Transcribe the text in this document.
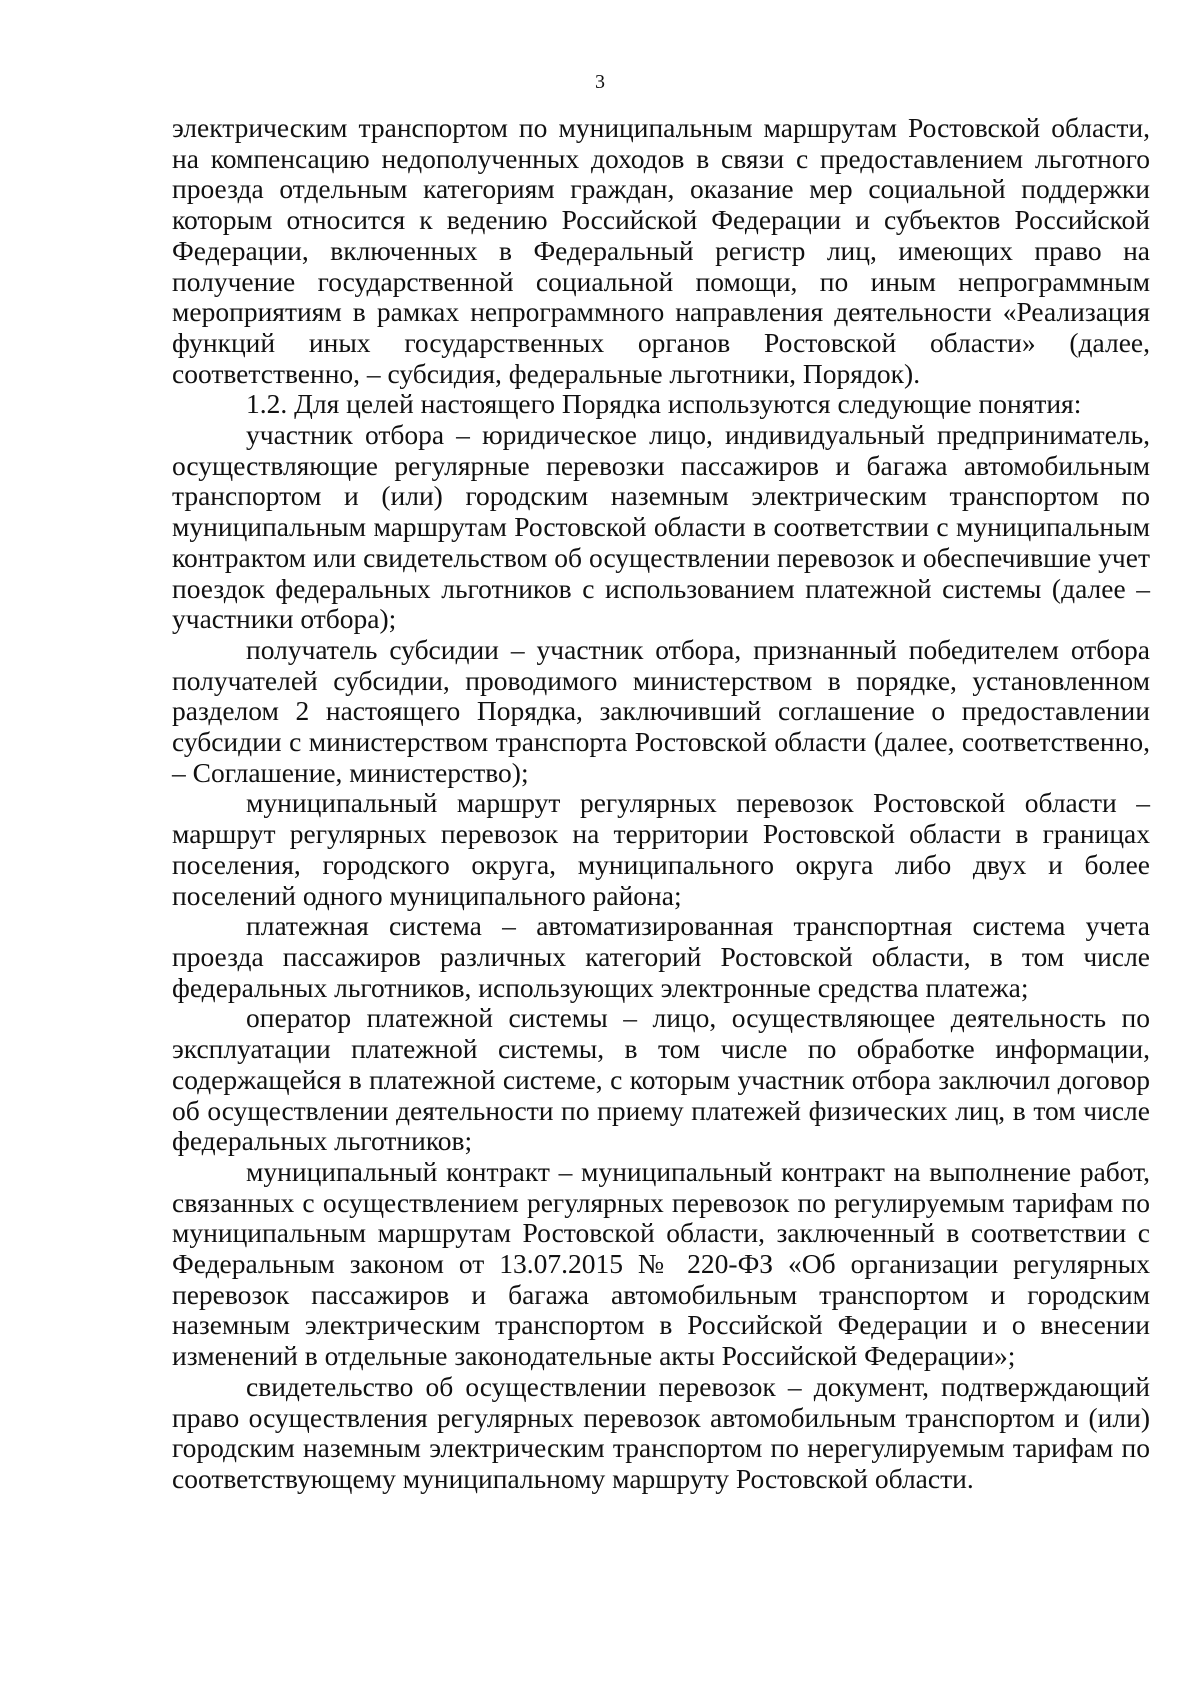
3

электрическим транспортом по муниципальным маршрутам Ростовской области, на компенсацию недополученных доходов в связи с предоставлением льготного проезда отдельным категориям граждан, оказание мер социальной поддержки которым относится к ведению Российской Федерации и субъектов Российской Федерации, включенных в Федеральный регистр лиц, имеющих право на получение государственной социальной помощи, по иным непрограммным мероприятиям в рамках непрограммного направления деятельности «Реализация функций иных государственных органов Ростовской области» (далее, соответственно, – субсидия, федеральные льготники, Порядок).

1.2. Для целей настоящего Порядка используются следующие понятия:

участник отбора – юридическое лицо, индивидуальный предприниматель, осуществляющие регулярные перевозки пассажиров и багажа автомобильным транспортом и (или) городским наземным электрическим транспортом по муниципальным маршрутам Ростовской области в соответствии с муниципальным контрактом или свидетельством об осуществлении перевозок и обеспечившие учет поездок федеральных льготников с использованием платежной системы (далее – участники отбора);

получатель субсидии – участник отбора, признанный победителем отбора получателей субсидии, проводимого министерством в порядке, установленном разделом 2 настоящего Порядка, заключивший соглашение о предоставлении субсидии с министерством транспорта Ростовской области (далее, соответственно, – Соглашение, министерство);

муниципальный маршрут регулярных перевозок Ростовской области – маршрут регулярных перевозок на территории Ростовской области в границах поселения, городского округа, муниципального округа либо двух и более поселений одного муниципального района;

платежная система – автоматизированная транспортная система учета проезда пассажиров различных категорий Ростовской области, в том числе федеральных льготников, использующих электронные средства платежа;

оператор платежной системы – лицо, осуществляющее деятельность по эксплуатации платежной системы, в том числе по обработке информации, содержащейся в платежной системе, с которым участник отбора заключил договор об осуществлении деятельности по приему платежей физических лиц, в том числе федеральных льготников;

муниципальный контракт – муниципальный контракт на выполнение работ, связанных с осуществлением регулярных перевозок по регулируемым тарифам по муниципальным маршрутам Ростовской области, заключенный в соответствии с Федеральным законом от 13.07.2015 № 220-ФЗ «Об организации регулярных перевозок пассажиров и багажа автомобильным транспортом и городским наземным электрическим транспортом в Российской Федерации и о внесении изменений в отдельные законодательные акты Российской Федерации»;

свидетельство об осуществлении перевозок – документ, подтверждающий право осуществления регулярных перевозок автомобильным транспортом и (или) городским наземным электрическим транспортом по нерегулируемым тарифам по соответствующему муниципальному маршруту Ростовской области.
